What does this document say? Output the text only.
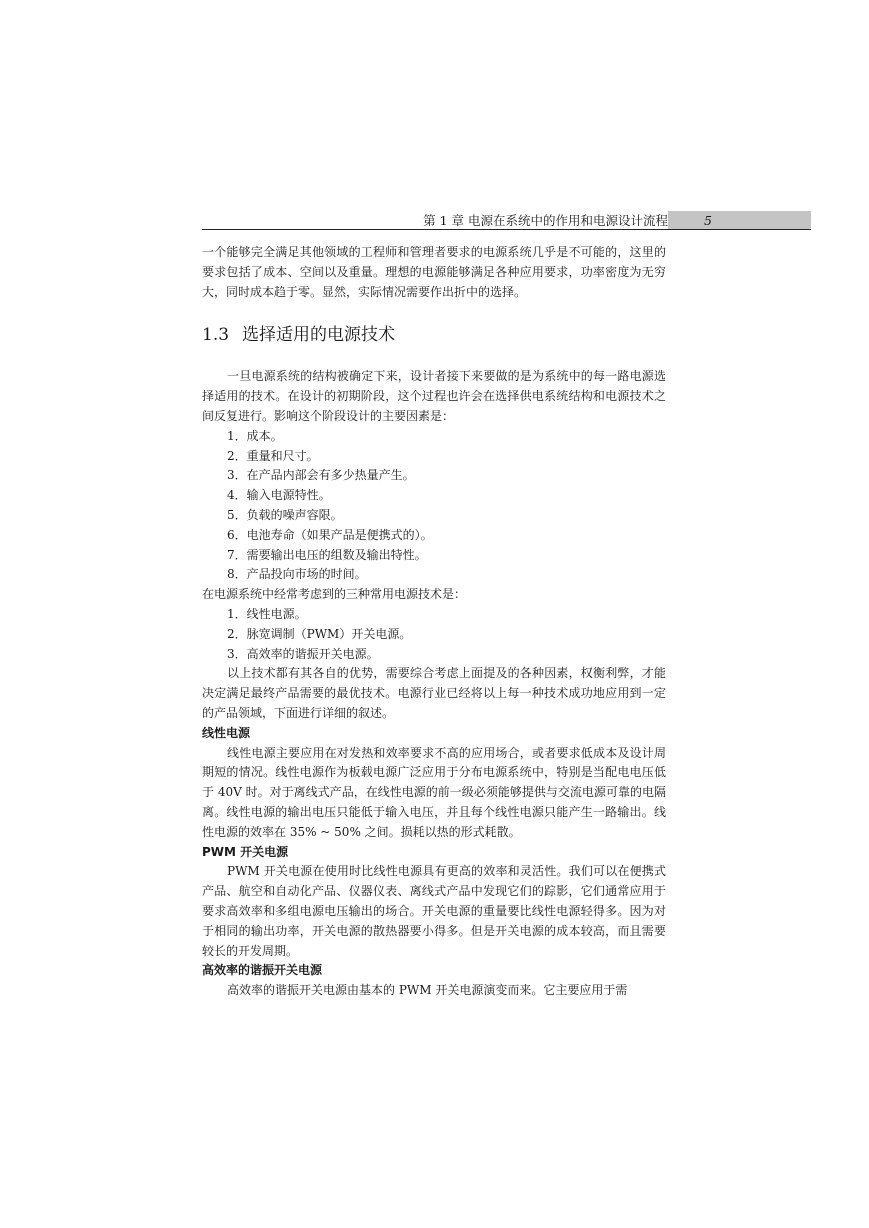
第 1 章 电源在系统中的作用和电源设计流程	5

一个能够完全满足其他领域的工程师和管理者要求的电源系统几乎是不可能的，这里的要求包括了成本、空间以及重量。理想的电源能够满足各种应用要求，功率密度为无穷大，同时成本趋于零。显然，实际情况需要作出折中的选择。

1.3 选择适用的电源技术

一旦电源系统的结构被确定下来，设计者接下来要做的是为系统中的每一路电源选择适用的技术。在设计的初期阶段，这个过程也许会在选择供电系统结构和电源技术之间反复进行。影响这个阶段设计的主要因素是：

1．成本。
2．重量和尺寸。
3．在产品内部会有多少热量产生。
4．输入电源特性。
5．负载的噪声容限。
6．电池寿命（如果产品是便携式的）。
7．需要输出电压的组数及输出特性。
8．产品投向市场的时间。

在电源系统中经常考虑到的三种常用电源技术是：

1．线性电源。
2．脉宽调制（PWM）开关电源。
3．高效率的谐振开关电源。

以上技术都有其各自的优势，需要综合考虑上面提及的各种因素，权衡利弊，才能决定满足最终产品需要的最优技术。电源行业已经将以上每一种技术成功地应用到一定的产品领域，下面进行详细的叙述。

线性电源

线性电源主要应用在对发热和效率要求不高的应用场合，或者要求低成本及设计周期短的情况。线性电源作为板载电源广泛应用于分布电源系统中，特别是当配电电压低于 40V 时。对于离线式产品，在线性电源的前一级必须能够提供与交流电源可靠的电隔离。线性电源的输出电压只能低于输入电压，并且每个线性电源只能产生一路输出。线性电源的效率在 35% ~ 50% 之间。损耗以热的形式耗散。

PWM 开关电源

PWM 开关电源在使用时比线性电源具有更高的效率和灵活性。我们可以在便携式产品、航空和自动化产品、仪器仪表、离线式产品中发现它们的踪影，它们通常应用于要求高效率和多组电源电压输出的场合。开关电源的重量要比线性电源轻得多。因为对于相同的输出功率，开关电源的散热器要小得多。但是开关电源的成本较高，而且需要较长的开发周期。

高效率的谐振开关电源

高效率的谐振开关电源由基本的 PWM 开关电源演变而来。它主要应用于需
